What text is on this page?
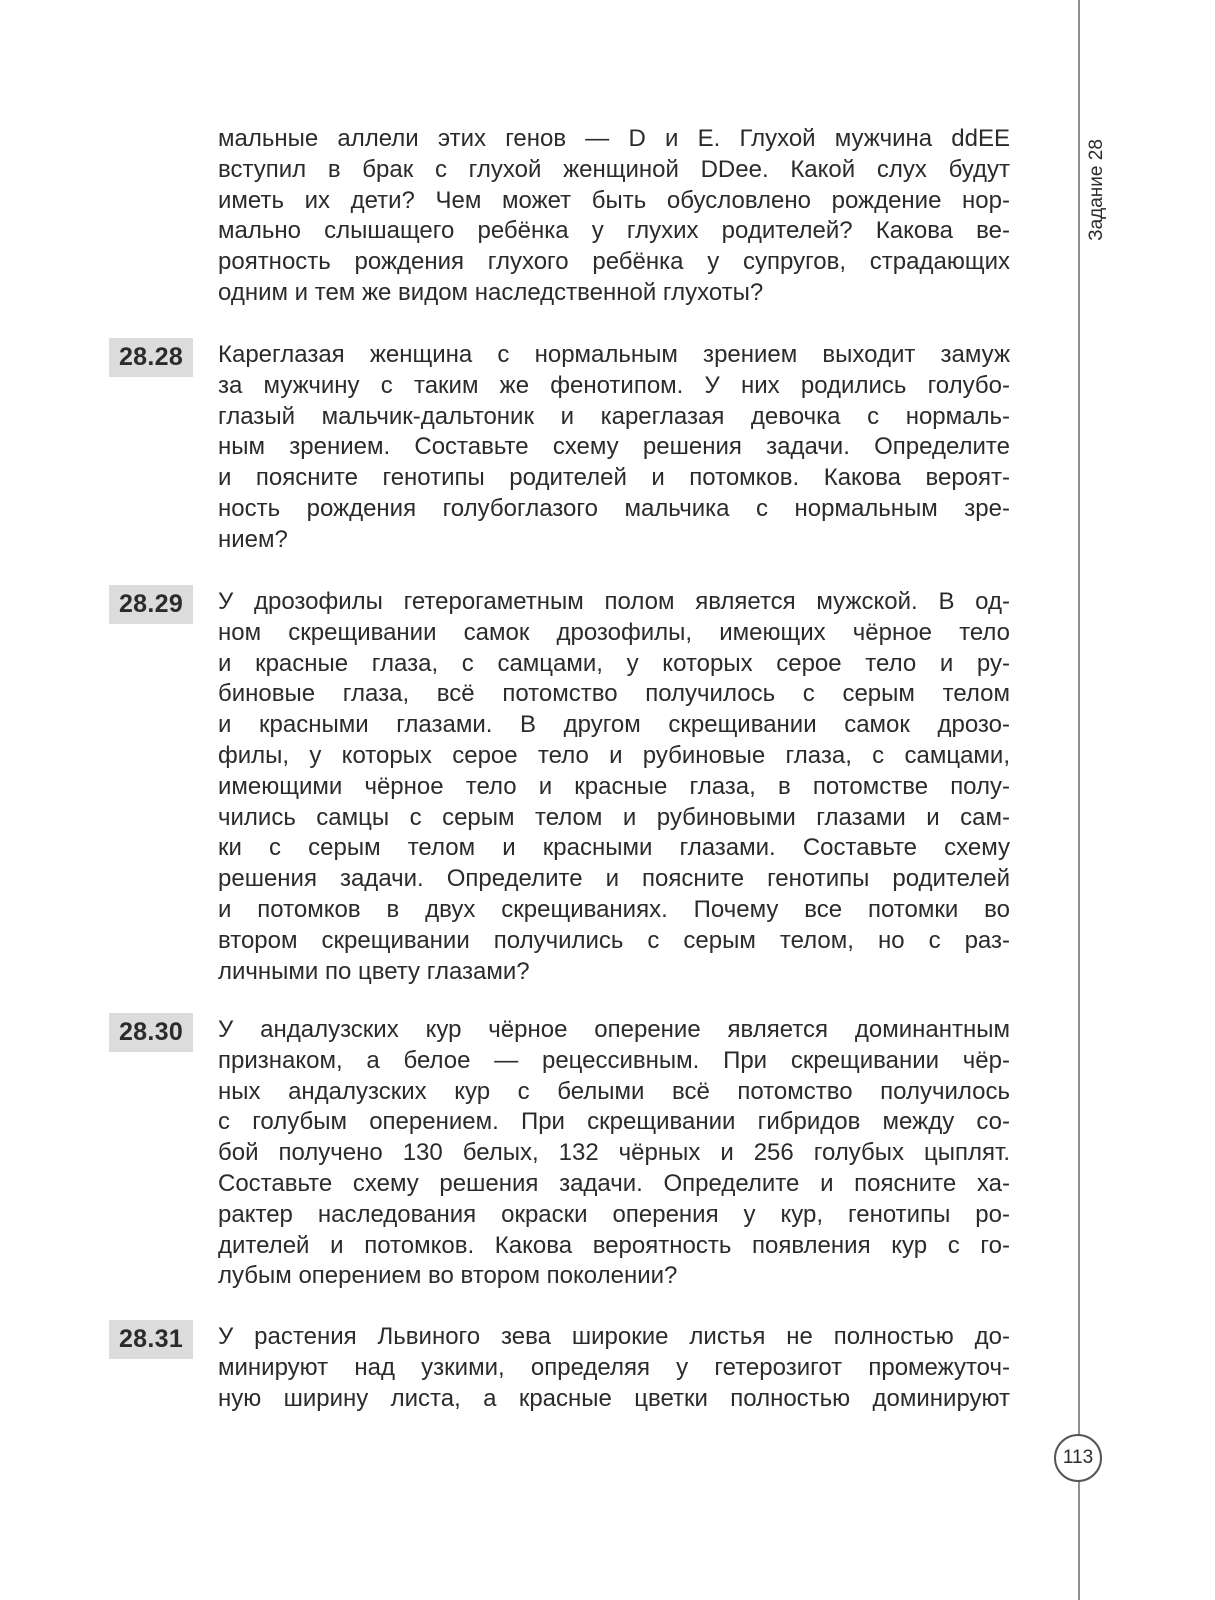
мальные аллели этих генов — D и Е. Глухой мужчина ddEE
вступил в брак с глухой женщиной DDee. Какой слух будут
иметь их дети? Чем может быть обусловлено рождение нор-
мально слышащего ребёнка у глухих родителей? Какова ве-
роятность рождения глухого ребёнка у супругов, страдающих
одним и тем же видом наследственной глухоты?
28.28	Кареглазая женщина с нормальным зрением выходит замуж
за мужчину с таким же фенотипом. У них родились голубо-
глазый мальчик-дальтоник и кареглазая девочка с нормаль-
ным зрением. Составьте схему решения задачи. Определите
и поясните генотипы родителей и потомков. Какова вероят-
ность рождения голубоглазого мальчика с нормальным зре-
нием?
28.29	У дрозофилы гетерогаметным полом является мужской. В од-
ном скрещивании самок дрозофилы, имеющих чёрное тело
и красные глаза, с самцами, у которых серое тело и ру-
биновые глаза, всё потомство получилось с серым телом
и красными глазами. В другом скрещивании самок дрозо-
филы, у которых серое тело и рубиновые глаза, с самцами,
имеющими чёрное тело и красные глаза, в потомстве полу-
чились самцы с серым телом и рубиновыми глазами и сам-
ки с серым телом и красными глазами. Составьте схему
решения задачи. Определите и поясните генотипы родителей
и потомков в двух скрещиваниях. Почему все потомки во
втором скрещивании получились с серым телом, но с раз-
личными по цвету глазами?
28.30	У андалузских кур чёрное оперение является доминантным
признаком, а белое — рецессивным. При скрещивании чёр-
ных андалузских кур с белыми всё потомство получилось
с голубым оперением. При скрещивании гибридов между со-
бой получено 130 белых, 132 чёрных и 256 голубых цыплят.
Составьте схему решения задачи. Определите и поясните ха-
рактер наследования окраски оперения у кур, генотипы ро-
дителей и потомков. Какова вероятность появления кур с го-
лубым оперением во втором поколении?
28.31	У растения Львиного зева широкие листья не полностью до-
минируют над узкими, определяя у гетерозигот промежуточ-
ную ширину листа, а красные цветки полностью доминируют
Задание 28
113
